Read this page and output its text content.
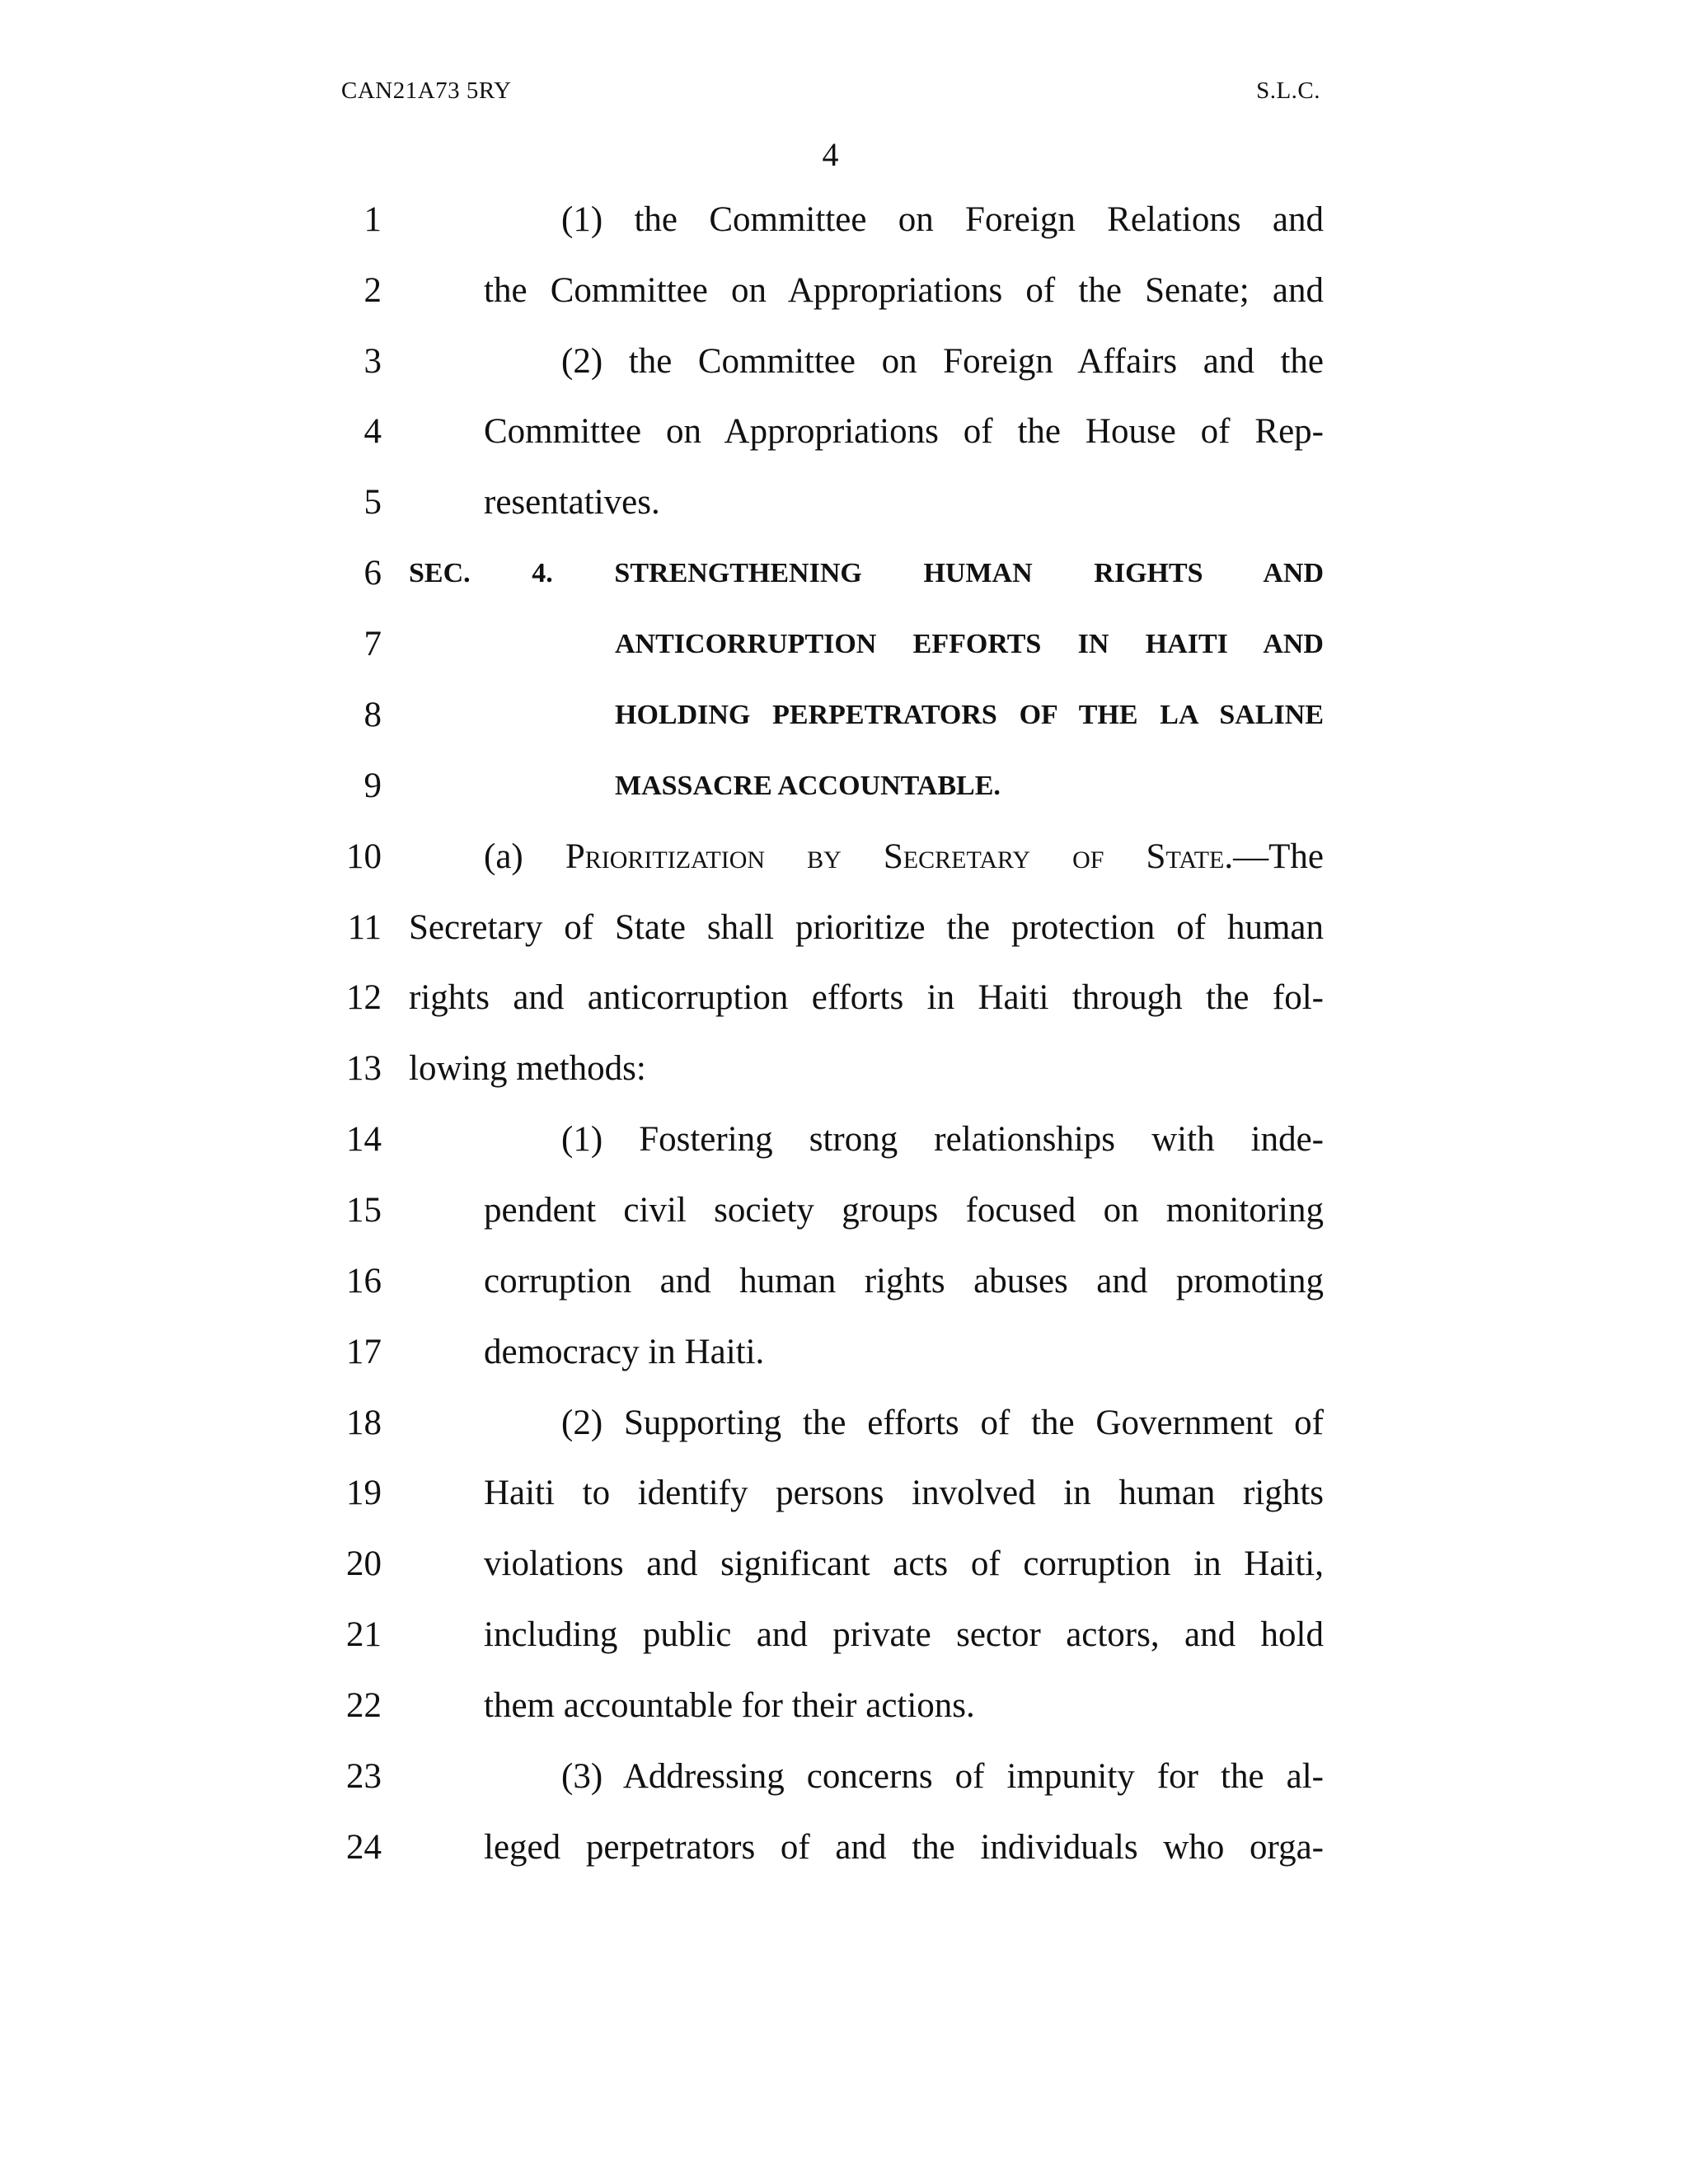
CAN21A73 5RY	S.L.C.
4
1	(1) the Committee on Foreign Relations and
2	the Committee on Appropriations of the Senate; and
3	(2) the Committee on Foreign Affairs and the
4	Committee on Appropriations of the House of Rep-
5	resentatives.
6 SEC. 4. STRENGTHENING HUMAN RIGHTS AND
7	ANTICORRUPTION EFFORTS IN HAITI AND
8	HOLDING PERPETRATORS OF THE LA SALINE
9	MASSACRE ACCOUNTABLE.
10	(a) Prioritization by Secretary of State.—The
11 Secretary of State shall prioritize the protection of human
12 rights and anticorruption efforts in Haiti through the fol-
13 lowing methods:
14	(1) Fostering strong relationships with inde-
15	pendent civil society groups focused on monitoring
16	corruption and human rights abuses and promoting
17	democracy in Haiti.
18	(2) Supporting the efforts of the Government of
19	Haiti to identify persons involved in human rights
20	violations and significant acts of corruption in Haiti,
21	including public and private sector actors, and hold
22	them accountable for their actions.
23	(3) Addressing concerns of impunity for the al-
24	leged perpetrators of and the individuals who orga-
